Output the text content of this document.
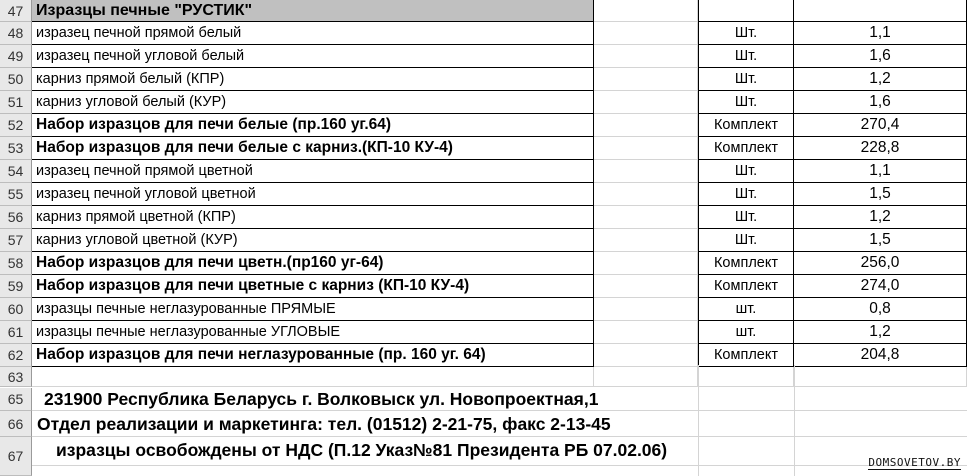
47 Изразцы печные "РУСТИК"
48 изразец печной прямой белый	Шт.	1,1
49 изразец печной угловой белый	Шт.	1,6
50 карниз прямой белый (КПР)	Шт.	1,2
51 карниз угловой белый (КУР)	Шт.	1,6
52 Набор изразцов для печи белые (пр.160 уг.64)	Комплект	270,4
53 Набор изразцов для печи белые с карниз.(КП-10 КУ-4)	Комплект	228,8
54 изразец печной прямой цветной	Шт.	1,1
55 изразец печной угловой цветной	Шт.	1,5
56 карниз прямой цветной (КПР)	Шт.	1,2
57 карниз угловой цветной (КУР)	Шт.	1,5
58 Набор изразцов для печи цветн.(пр160 уг-64)	Комплект	256,0
59 Набор изразцов для печи цветные с карниз (КП-10 КУ-4)	Комплект	274,0
60 изразцы печные неглазурованные ПРЯМЫЕ	шт.	0,8
61 изразцы печные неглазурованные УГЛОВЫЕ	шт.	1,2
62 Набор изразцов для печи неглазурованные (пр. 160 уг. 64)	Комплект	204,8
63
65
66
67
231900 Республика Беларусь г. Волковыск ул. Новопроектная,1
Отдел реализации и маркетинга: тел. (01512) 2-21-75, факс 2-13-45
изразцы освобождены от НДС (П.12 Указ№81 Президента РБ 07.02.06)
DOMSOVETOV.BY
